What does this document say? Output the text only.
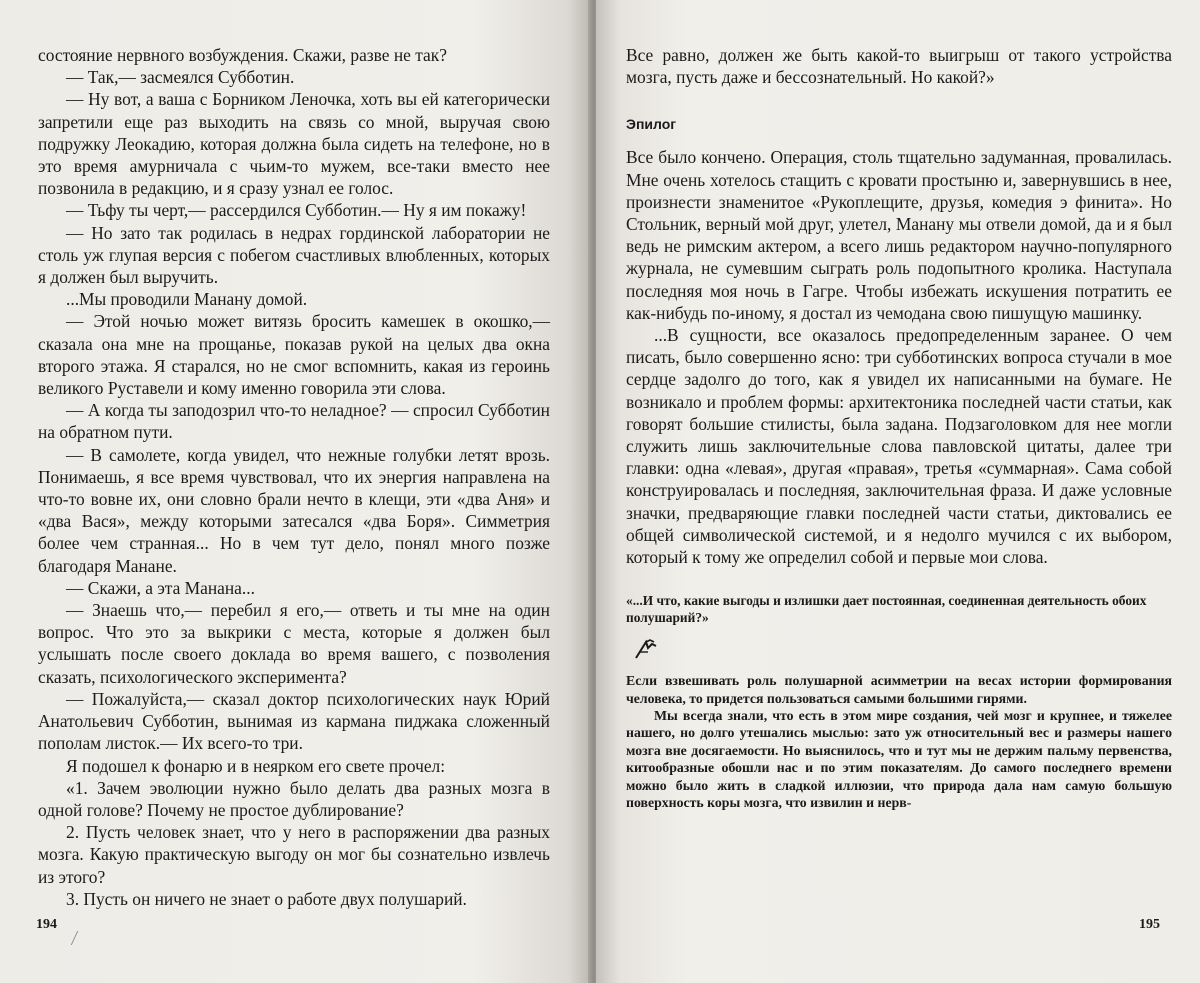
состояние нервного возбуждения. Скажи, разве не так?

— Так,— засмеялся Субботин.

— Ну вот, а ваша с Борником Леночка, хоть вы ей категорически запретили еще раз выходить на связь со мной, выручая свою подружку Леокадию, которая должна была сидеть на телефоне, но в это время амурничала с чьим-то мужем, все-таки вместо нее позвонила в редакцию, и я сразу узнал ее голос.

— Тьфу ты черт,— рассердился Субботин.— Ну я им покажу!

— Но зато так родилась в недрах гординской лаборатории не столь уж глупая версия с побегом счастливых влюбленных, которых я должен был выручить.

...Мы проводили Манану домой.

— Этой ночью может витязь бросить камешек в окошко,— сказала она мне на прощанье, показав рукой на целых два окна второго этажа. Я старался, но не смог вспомнить, какая из героинь великого Руставели и кому именно говорила эти слова.

— А когда ты заподозрил что-то неладное? — спросил Субботин на обратном пути.

— В самолете, когда увидел, что нежные голубки летят врозь. Понимаешь, я все время чувствовал, что их энергия направлена на что-то вовне их, они словно брали нечто в клещи, эти «два Аня» и «два Вася», между которыми затесался «два Боря». Симметрия более чем странная... Но в чем тут дело, понял много позже благодаря Манане.

— Скажи, а эта Манана...

— Знаешь что,— перебил я его,— ответь и ты мне на один вопрос. Что это за выкрики с места, которые я должен был услышать после своего доклада во время вашего, с позволения сказать, психологического эксперимента?

— Пожалуйста,— сказал доктор психологических наук Юрий Анатольевич Субботин, вынимая из кармана пиджака сложенный пополам листок.— Их всего-то три.

Я подошел к фонарю и в неярком его свете прочел:

«1. Зачем эволюции нужно было делать два разных мозга в одной голове? Почему не простое дублирование?

2. Пусть человек знает, что у него в распоряжении два разных мозга. Какую практическую выгоду он мог бы сознательно извлечь из этого?

3. Пусть он ничего не знает о работе двух полушарий.

194

Все равно, должен же быть какой-то выигрыш от такого устройства мозга, пусть даже и бессознательный. Но какой?»

Эпилог

Все было кончено. Операция, столь тщательно задуманная, провалилась. Мне очень хотелось стащить с кровати простыню и, завернувшись в нее, произнести знаменитое «Рукоплещите, друзья, комедия э финита». Но Стольник, верный мой друг, улетел, Манану мы отвели домой, да и я был ведь не римским актером, а всего лишь редактором научно-популярного журнала, не сумевшим сыграть роль подопытного кролика. Наступала последняя моя ночь в Гагре. Чтобы избежать искушения потратить ее как-нибудь по-иному, я достал из чемодана свою пишущую машинку.

...В сущности, все оказалось предопределенным заранее. О чем писать, было совершенно ясно: три субботинских вопроса стучали в мое сердце задолго до того, как я увидел их написанными на бумаге. Не возникало и проблем формы: архитектоника последней части статьи, как говорят большие стилисты, была задана. Подзаголовком для нее могли служить лишь заключительные слова павловской цитаты, далее три главки: одна «левая», другая «правая», третья «суммарная». Сама собой конструировалась и последняя, заключительная фраза. И даже условные значки, предваряющие главки последней части статьи, диктовались ее общей символической системой, и я недолго мучился с их выбором, который к тому же определил собой и первые мои слова.

«...И что, какие выгоды и излишки дает постоянная, соединенная деятельность обоих полушарий?»

Если взвешивать роль полушарной асимметрии на весах истории формирования человека, то придется пользоваться самыми большими гирями.

Мы всегда знали, что есть в этом мире создания, чей мозг и крупнее, и тяжелее нашего, но долго утешались мыслью: зато уж относительный вес и размеры нашего мозга вне досягаемости. Но выяснилось, что и тут мы не держим пальму первенства, китообразные обошли нас и по этим показателям. До самого последнего времени можно было жить в сладкой иллюзии, что природа дала нам самую большую поверхность коры мозга, что извилин и нерв-

195
